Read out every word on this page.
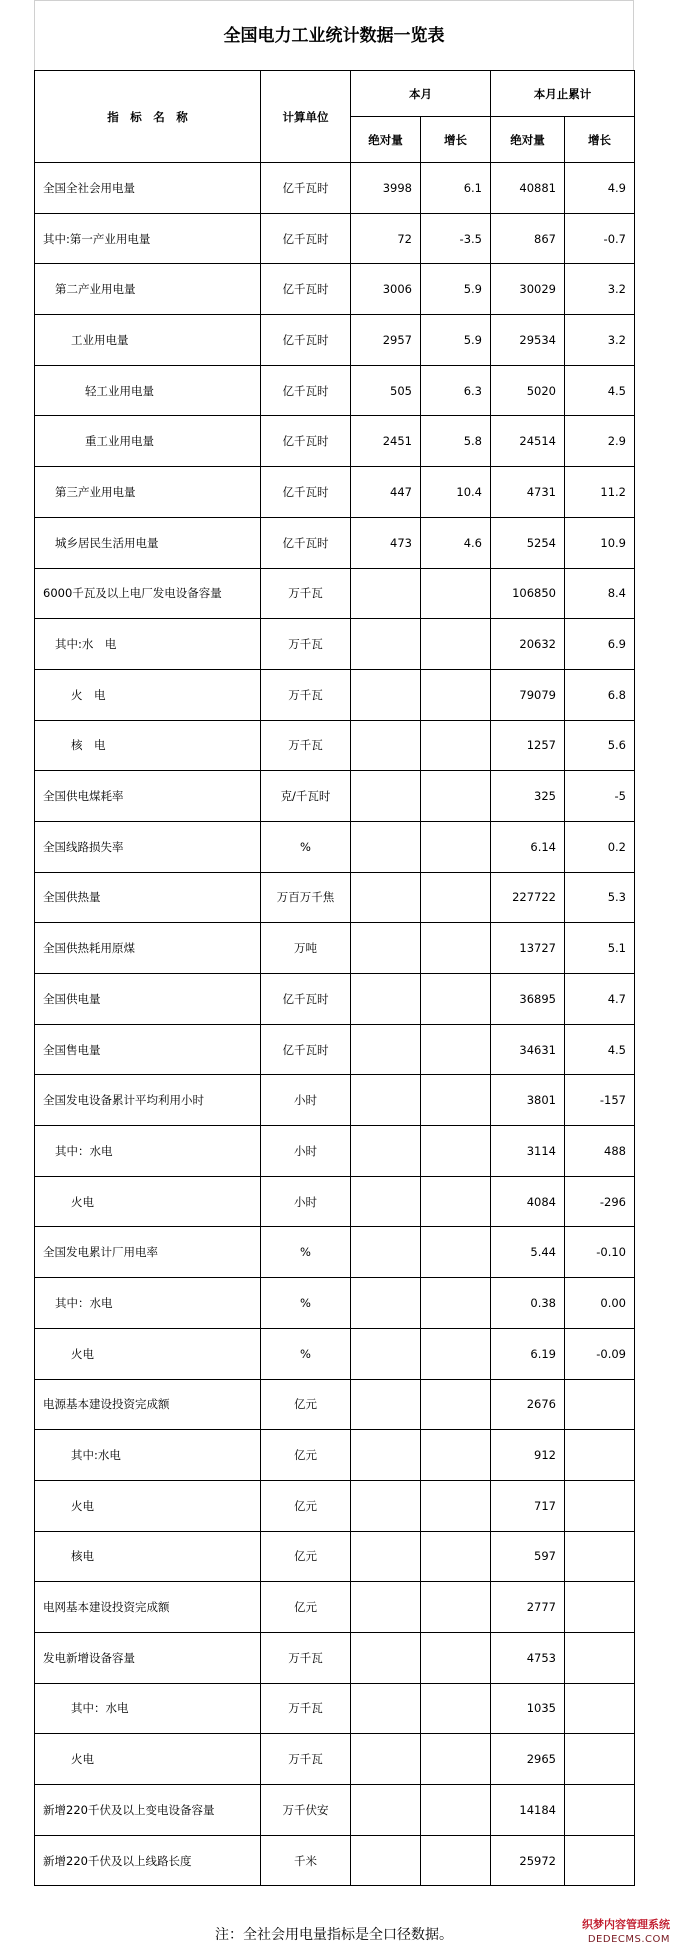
全国电力工业统计数据一览表
指　标　名　称	计算单位	本月		本月止累计	
		绝对量	增长	绝对量	增长
全国全社会用电量	亿千瓦时	3998	6.1	40881	4.9
其中:第一产业用电量	亿千瓦时	72	-3.5	867	-0.7
第二产业用电量	亿千瓦时	3006	5.9	30029	3.2
工业用电量	亿千瓦时	2957	5.9	29534	3.2
轻工业用电量	亿千瓦时	505	6.3	5020	4.5
重工业用电量	亿千瓦时	2451	5.8	24514	2.9
第三产业用电量	亿千瓦时	447	10.4	4731	11.2
城乡居民生活用电量	亿千瓦时	473	4.6	5254	10.9
6000千瓦及以上电厂发电设备容量	万千瓦			106850	8.4
其中:水　电	万千瓦			20632	6.9
火　电	万千瓦			79079	6.8
核　电	万千瓦			1257	5.6
全国供电煤耗率	克/千瓦时			325	-5
全国线路损失率	%			6.14	0.2
全国供热量	万百万千焦			227722	5.3
全国供热耗用原煤	万吨			13727	5.1
全国供电量	亿千瓦时			36895	4.7
全国售电量	亿千瓦时			34631	4.5
全国发电设备累计平均利用小时	小时			3801	-157
其中：水电	小时			3114	488
火电	小时			4084	-296
全国发电累计厂用电率	%			5.44	-0.10
其中：水电	%			0.38	0.00
火电	%			6.19	-0.09
电源基本建设投资完成额	亿元			2676	
其中:水电	亿元			912	
火电	亿元			717	
核电	亿元			597	
电网基本建设投资完成额	亿元			2777	
发电新增设备容量	万千瓦			4753	
其中：水电	万千瓦			1035	
火电	万千瓦			2965	
新增220千伏及以上变电设备容量	万千伏安			14184	
新增220千伏及以上线路长度	千米			25972	
注：全社会用电量指标是全口径数据。
织梦内容管理系统
DEDECMS.COM
